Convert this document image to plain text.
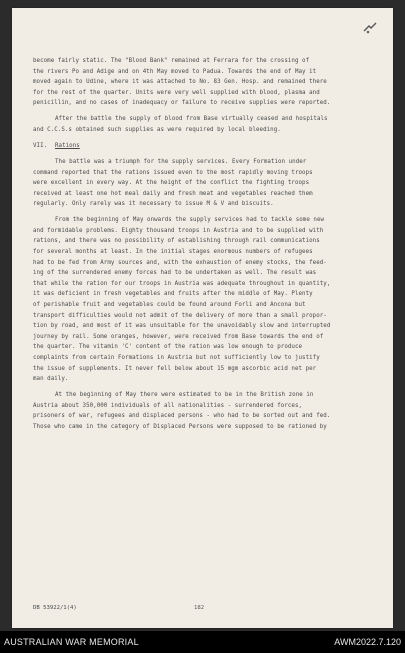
become fairly static. The "Blood Bank" remained at Ferrara for the crossing of
the rivers Po and Adige and on 4th May moved to Padua. Towards the end of May it
moved again to Udine, where it was attached to No. 83 Gen. Hosp. and remained there
for the rest of the quarter. Units were very well supplied with blood, plasma and
penicillin, and no cases of inadequacy or failure to receive supplies were reported.
After the battle the supply of blood from Base virtually ceased and hospitals
and C.C.S.s obtained such supplies as were required by local bleeding.
VII. Rations
The battle was a triumph for the supply services. Every Formation under
command reported that the rations issued even to the most rapidly moving troops
were excellent in every way. At the height of the conflict the fighting troops
received at least one hot meal daily and fresh meat and vegetables reached them
regularly. Only rarely was it necessary to issue M & V and biscuits.
From the beginning of May onwards the supply services had to tackle some new
and formidable problems. Eighty thousand troops in Austria and to be supplied with
rations, and there was no possibility of establishing through rail communications
for several months at least. In the initial stages enormous numbers of refugees
had to be fed from Army sources and, with the exhaustion of enemy stocks, the feed-
ing of the surrendered enemy forces had to be undertaken as well. The result was
that while the ration for our troops in Austria was adequate throughout in quantity,
it was deficient in fresh vegetables and fruits after the middle of May. Plenty
of perishable fruit and vegetables could be found around Forli and Ancona but
transport difficulties would not admit of the delivery of more than a small propor-
tion by road, and most of it was unsuitable for the unavoidably slow and interrupted
journey by rail. Some oranges, however, were received from Base towards the end of
the quarter. The vitamin 'C' content of the ration was low enough to produce
complaints from certain Formations in Austria but not sufficiently low to justify
the issue of supplements. It never fell below about 15 mgm ascorbic acid net per
man daily.
At the beginning of May there were estimated to be in the British zone in
Austria about 350,000 individuals of all nationalities - surrendered forces,
prisoners of war, refugees and displaced persons - who had to be sorted out and fed.
Those who came in the category of Displaced Persons were supposed to be rationed by
DB 53922/1(4)	182
AUSTRALIAN WAR MEMORIAL	AWM2022.7.120
